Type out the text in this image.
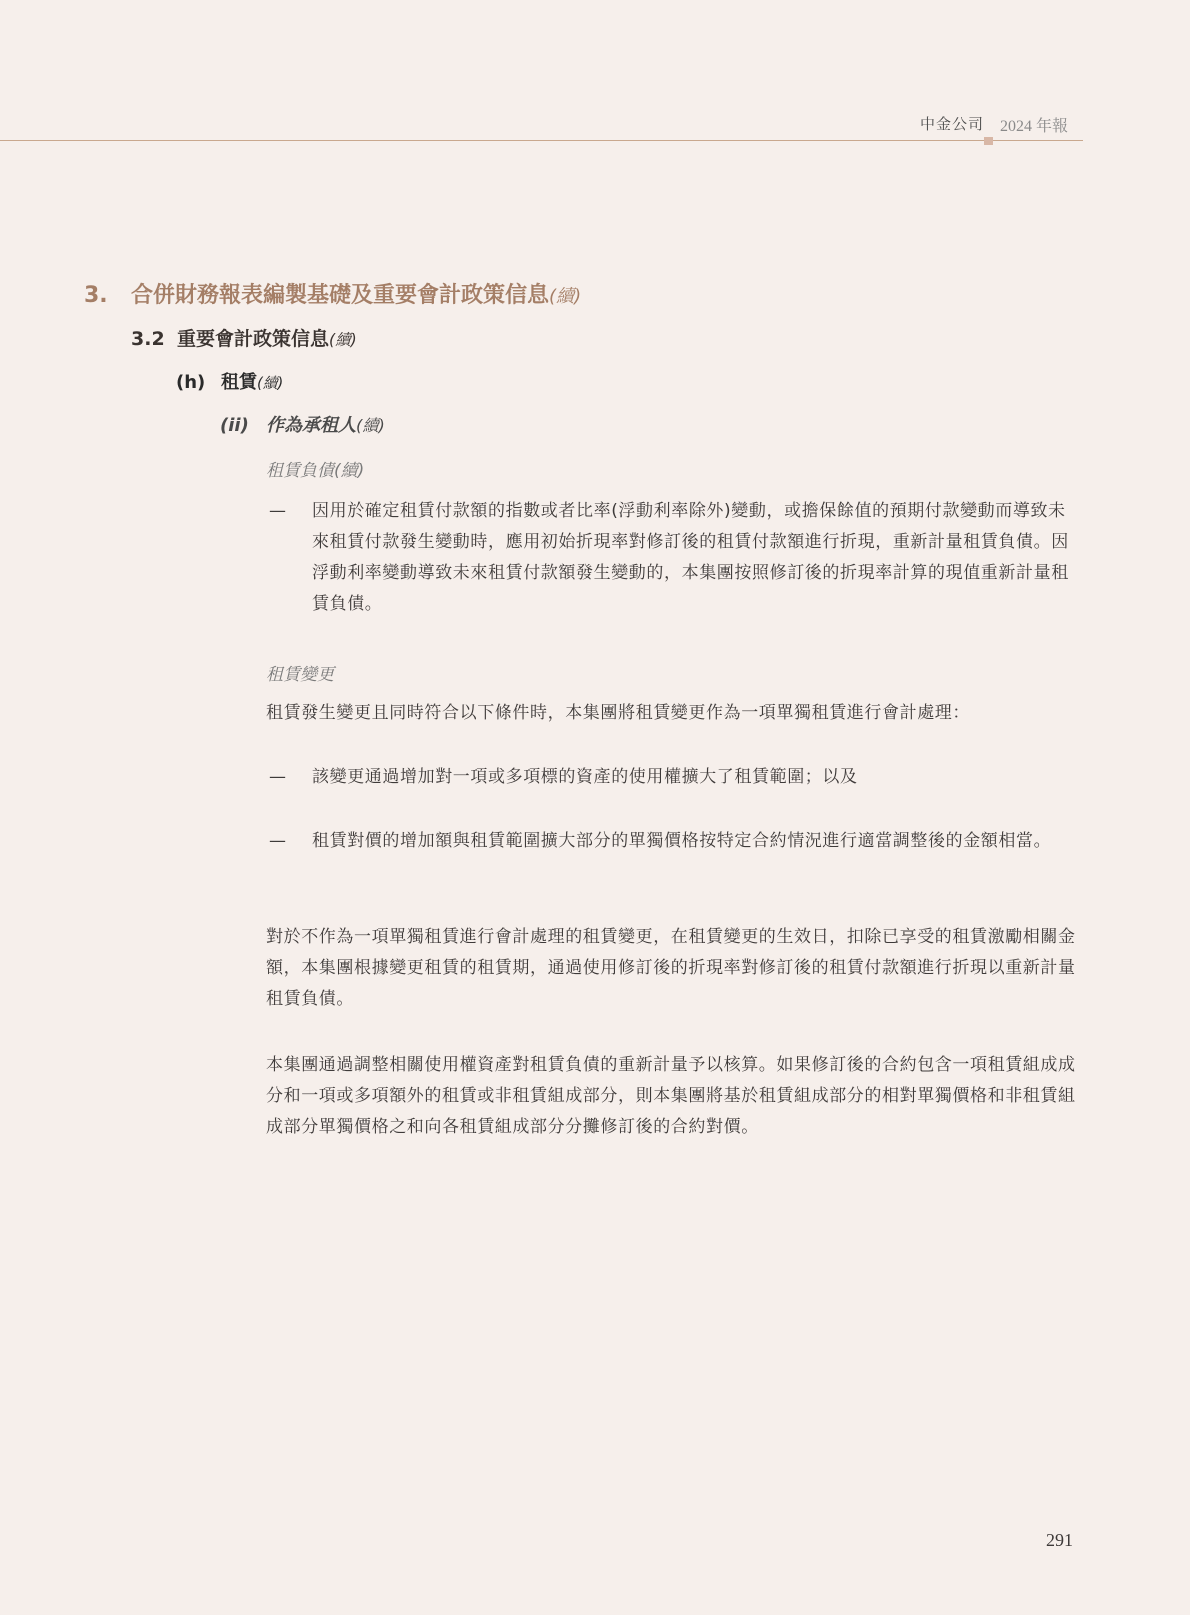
中金公司 2024 年報
3. 合併財務報表編製基礎及重要會計政策信息(續)
3.2 重要會計政策信息(續)
(h) 租賃(續)
(ii) 作為承租人(續)
租賃負債(續)
— 因用於確定租賃付款額的指數或者比率(浮動利率除外)變動，或擔保餘值的預期付款變動而導致未來租賃付款發生變動時，應用初始折現率對修訂後的租賃付款額進行折現，重新計量租賃負債。因浮動利率變動導致未來租賃付款額發生變動的，本集團按照修訂後的折現率計算的現值重新計量租賃負債。
租賃變更
租賃發生變更且同時符合以下條件時，本集團將租賃變更作為一項單獨租賃進行會計處理：
— 該變更通過增加對一項或多項標的資產的使用權擴大了租賃範圍；以及
— 租賃對價的增加額與租賃範圍擴大部分的單獨價格按特定合約情況進行適當調整後的金額相當。
對於不作為一項單獨租賃進行會計處理的租賃變更，在租賃變更的生效日，扣除已享受的租賃激勵相關金額，本集團根據變更租賃的租賃期，通過使用修訂後的折現率對修訂後的租賃付款額進行折現以重新計量租賃負債。
本集團通過調整相關使用權資產對租賃負債的重新計量予以核算。如果修訂後的合約包含一項租賃組成成分和一項或多項額外的租賃或非租賃組成部分，則本集團將基於租賃組成部分的相對單獨價格和非租賃組成部分單獨價格之和向各租賃組成部分分攤修訂後的合約對價。
291
